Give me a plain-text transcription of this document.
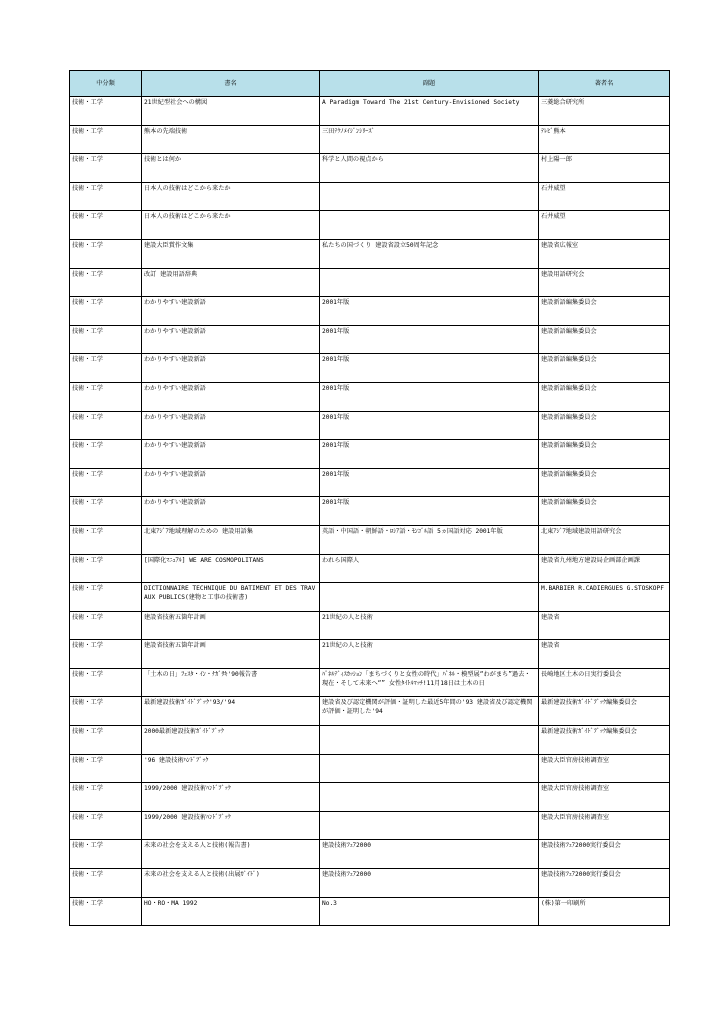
中分類	書名	副題	著者名
技術・工学	21世紀型社会への構図	A Paradigm Toward The 21st Century-Envisioned Society	三菱総合研究所
技術・工学	熊本の先端技術	三田ﾃｸﾉﾒｲｼﾞﾝｼﾘｰｽﾞ	ﾃﾚﾋﾞ熊本
技術・工学	技術とは何か	科学と人間の視点から	村上陽一郎
技術・工学	日本人の技術はどこから来たか		石井威望
技術・工学	日本人の技術はどこから来たか		石井威望
技術・工学	建設大臣賞作文集	私たちの国づくり 建設省設立50周年記念	建設省広報室
技術・工学	改訂 建設用語辞典		建設用語研究会
技術・工学	わかりやすい建設新語	2001年版	建設新語編集委員会
技術・工学	わかりやすい建設新語	2001年版	建設新語編集委員会
技術・工学	わかりやすい建設新語	2001年版	建設新語編集委員会
技術・工学	わかりやすい建設新語	2001年版	建設新語編集委員会
技術・工学	わかりやすい建設新語	2001年版	建設新語編集委員会
技術・工学	わかりやすい建設新語	2001年版	建設新語編集委員会
技術・工学	わかりやすい建設新語	2001年版	建設新語編集委員会
技術・工学	わかりやすい建設新語	2001年版	建設新語編集委員会
技術・工学	北東ｱｼﾞｱ地域理解のための 建設用語集	英語・中国語・朝鮮語・ﾛｼｱ語・ﾓﾝｺﾞﾙ語 5ヵ国語対応 2001年版	北東ｱｼﾞｱ地域建設用語研究会
技術・工学	[国際化ﾏﾆｭｱﾙ] WE ARE COSMOPOLITANS	われら国際人	建設省九州地方建設局企画部企画課
技術・工学	DICTIONNAIRE TECHNIQUE DU BATIMENT ET DES TRAVAUX PUBLICS(建物と工事の技術書)		M.BARBIER R.CADIERGUES G.STOSKOPF
技術・工学	建設省技術五箇年計画	21世紀の人と技術	建設省
技術・工学	建設省技術五箇年計画	21世紀の人と技術	建設省
技術・工学	「土木の日」ﾌｪｽﾀ・ｲﾝ・ﾅｶﾞｻｷ'90報告書	ﾊﾟﾈﾙﾃﾞｨｽｶｯｼｮﾝ「まちづくりと女性の時代」ﾊﾟﾈﾙ・模型展“わがまち”過去・現在・そして未来へ“” 女性ﾀｲﾄﾙﾏｯﾁ!11月18日は土木の日	長崎地区土木の日実行委員会
技術・工学	最新建設技術ｶﾞｲﾄﾞﾌﾞｯｸ'93/'94	建設省及び認定機関が評価・証明した最近5年間の'93 建設省及び認定機関が評価・証明した'94	最新建設技術ｶﾞｲﾄﾞﾌﾞｯｸ編集委員会
技術・工学	2000最新建設技術ｶﾞｲﾄﾞﾌﾞｯｸ		最新建設技術ｶﾞｲﾄﾞﾌﾞｯｸ編集委員会
技術・工学	'96 建設技術ﾊﾝﾄﾞﾌﾞｯｸ		建設大臣官房技術調査室
技術・工学	1999/2000 建設技術ﾊﾝﾄﾞﾌﾞｯｸ		建設大臣官房技術調査室
技術・工学	1999/2000 建設技術ﾊﾝﾄﾞﾌﾞｯｸ		建設大臣官房技術調査室
技術・工学	未来の社会を支える人と技術(報告書)	建設技術ﾌｪｱ2000	建設技術ﾌｪｱ2000実行委員会
技術・工学	未来の社会を支える人と技術(出展ｶﾞｲﾄﾞ)	建設技術ﾌｪｱ2000	建設技術ﾌｪｱ2000実行委員会
技術・工学	HO・RO・MA 1992	No.3	(株)第一印刷所
